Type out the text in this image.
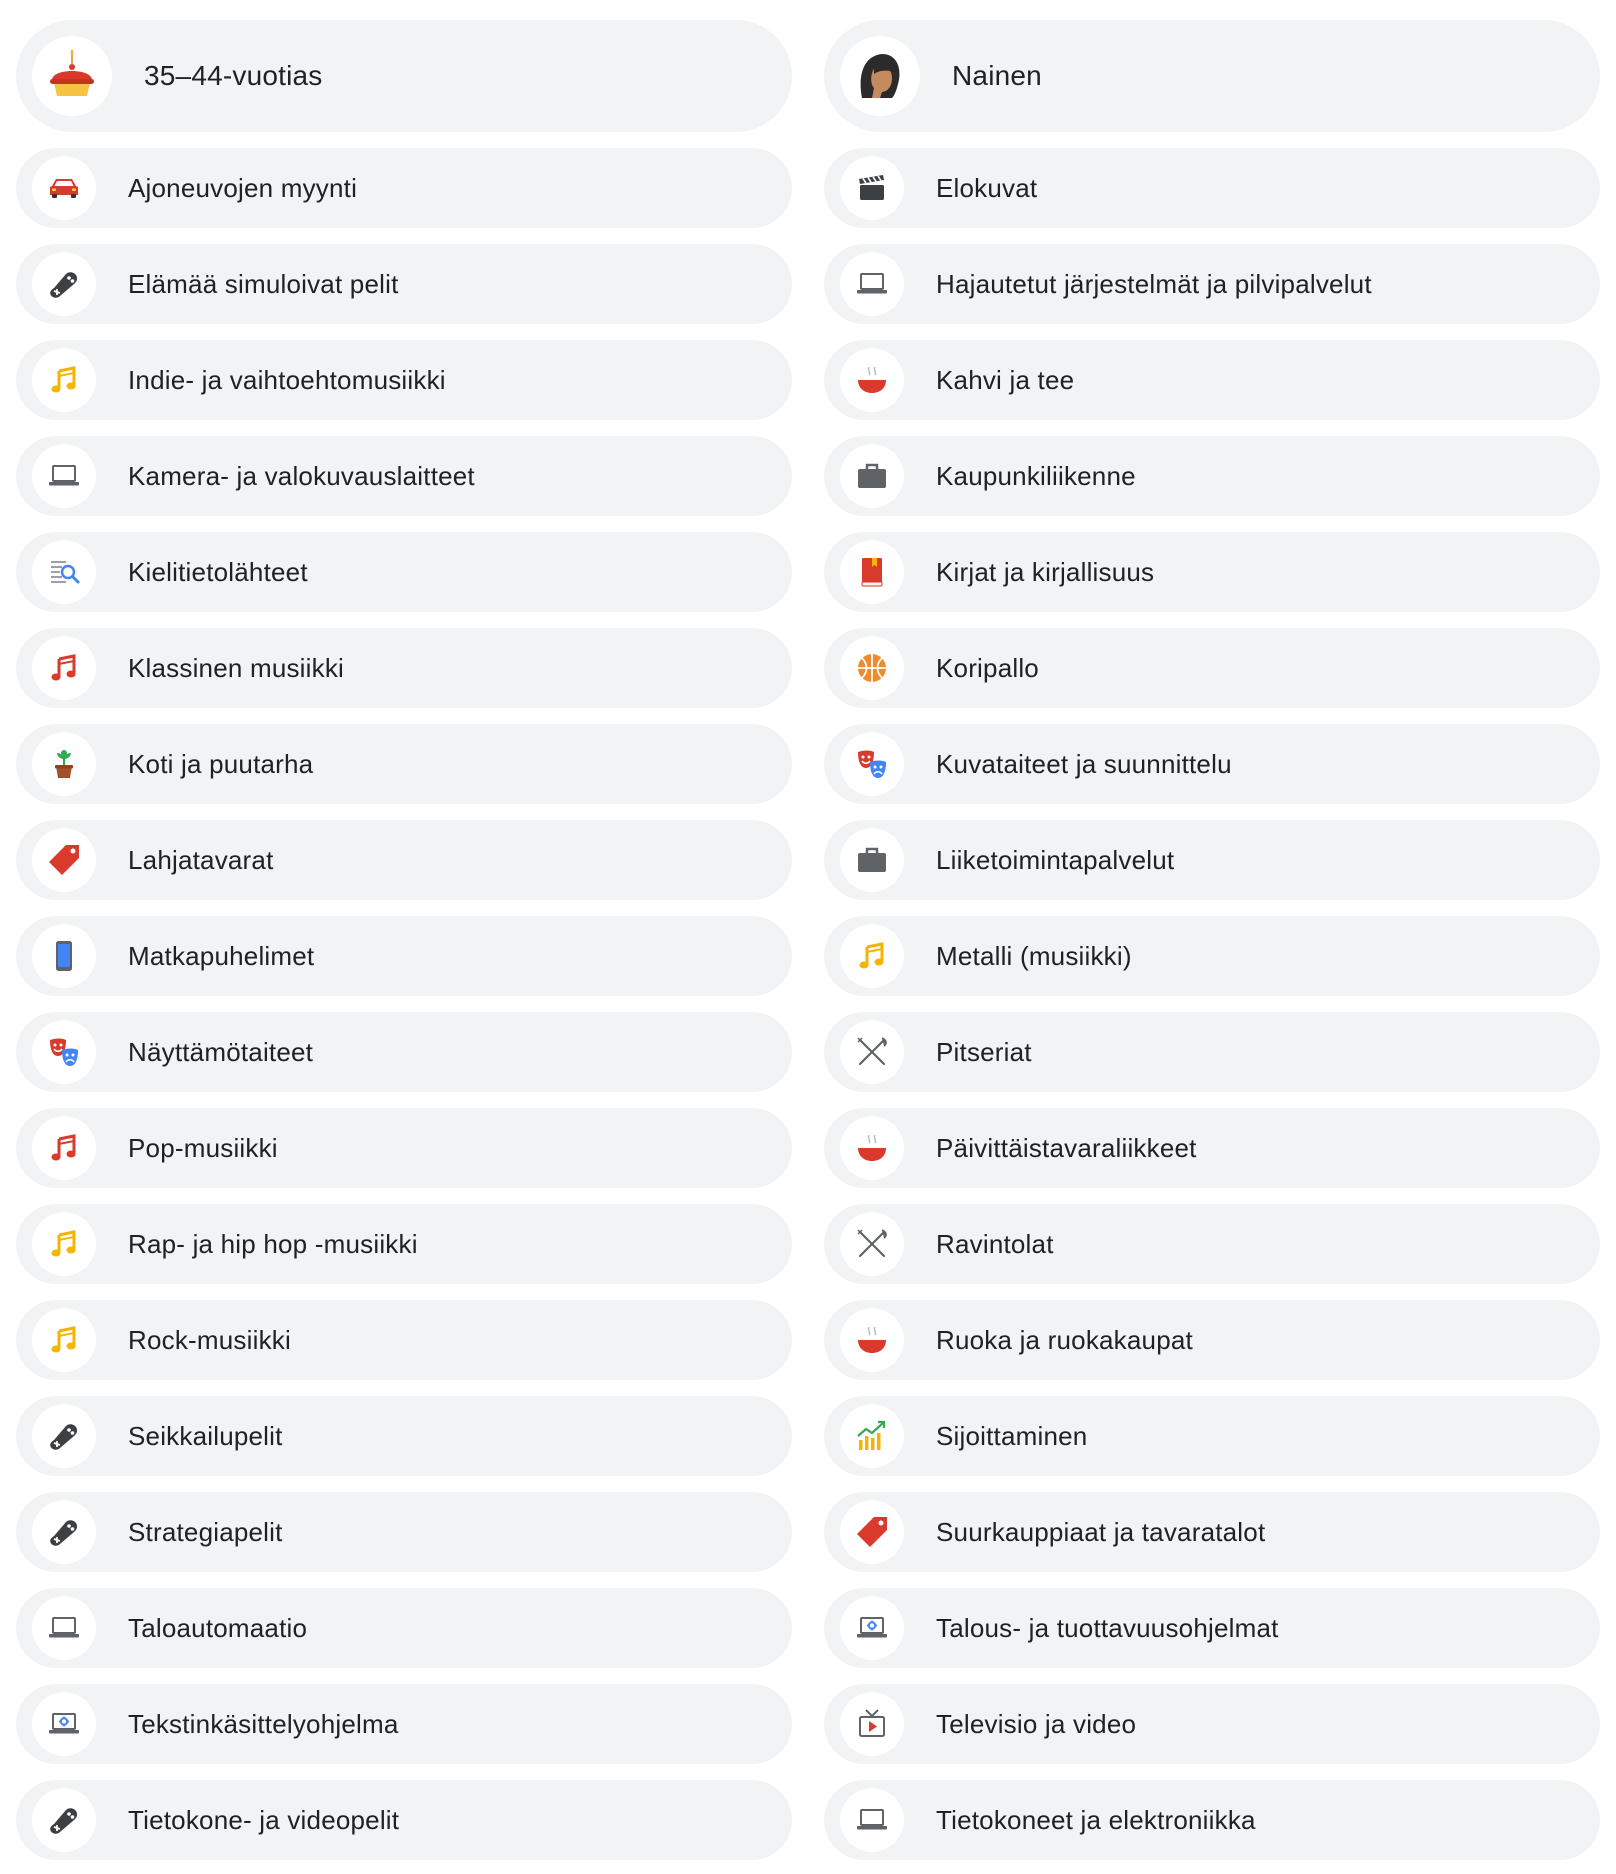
35–44-vuotias	Nainen
Ajoneuvojen myynti	Elokuvat
Elämää simuloivat pelit	Hajautetut järjestelmät ja pilvipalvelut
Indie- ja vaihtoehtomusiikki	Kahvi ja tee
Kamera- ja valokuvauslaitteet	Kaupunkiliikenne
Kielitietolähteet	Kirjat ja kirjallisuus
Klassinen musiikki	Koripallo
Koti ja puutarha	Kuvataiteet ja suunnittelu
Lahjatavarat	Liiketoimintapalvelut
Matkapuhelimet	Metalli (musiikki)
Näyttämötaiteet	Pitseriat
Pop-musiikki	Päivittäistavaraliikkeet
Rap- ja hip hop -musiikki	Ravintolat
Rock-musiikki	Ruoka ja ruokakaupat
Seikkailupelit	Sijoittaminen
Strategiapelit	Suurkauppiaat ja tavaratalot
Taloautomaatio	Talous- ja tuottavuusohjelmat
Tekstinkäsittelyohjelma	Televisio ja video
Tietokone- ja videopelit	Tietokoneet ja elektroniikka
